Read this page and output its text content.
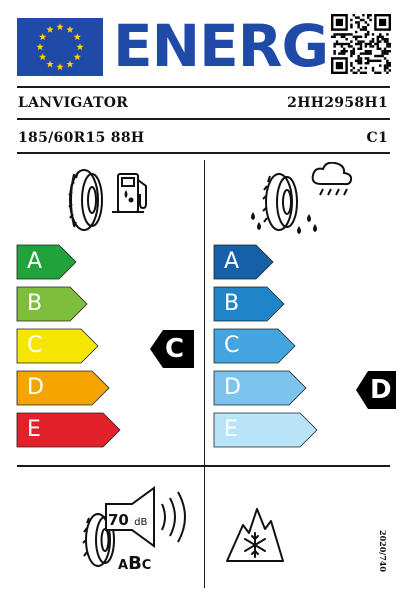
ENERG
LANVIGATOR	2HH2958H1
185/60R15 88H	C1
A
B
C
D
E
A
B
C
D
E
C
D
70 dB
ABC	2020/740
